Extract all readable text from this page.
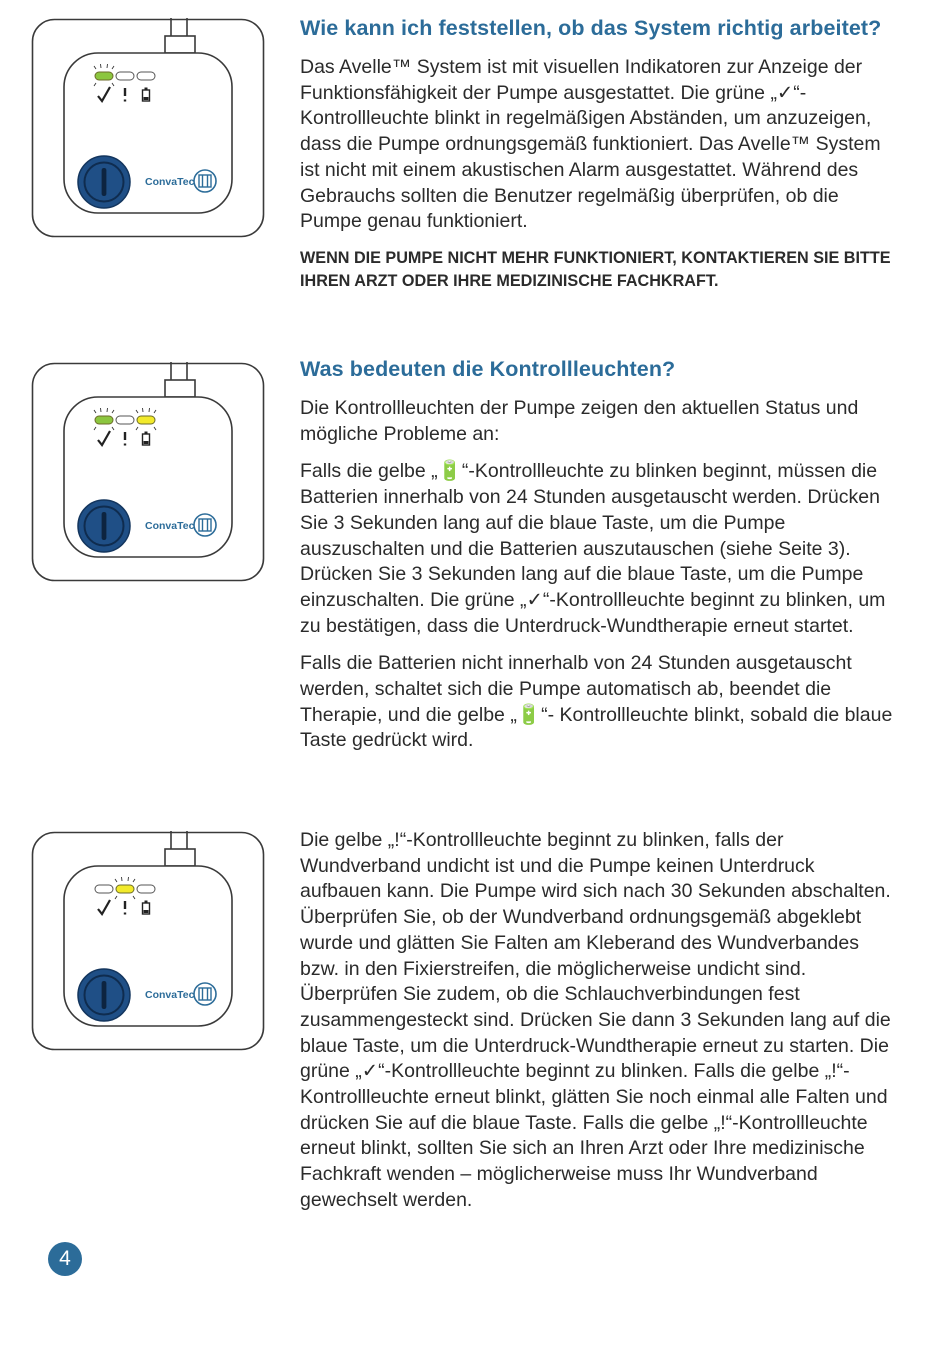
ConvaTec
ConvaTec
ConvaTec
Wie kann ich feststellen, ob das System richtig arbeitet?

Das Avelle™ System ist mit visuellen Indikatoren zur Anzeige der Funktionsfähigkeit der Pumpe ausgestattet. Die grüne „✓“-Kontrollleuchte blinkt in regelmäßigen Abständen, um anzuzeigen, dass die Pumpe ordnungsgemäß funktioniert. Das Avelle™ System ist nicht mit einem akustischen Alarm ausgestattet. Während des Gebrauchs sollten die Benutzer regelmäßig überprüfen, ob die Pumpe genau funktioniert.

WENN DIE PUMPE NICHT MEHR FUNKTIONIERT, KONTAKTIEREN SIE BITTE IHREN ARZT ODER IHRE MEDIZINISCHE FACHKRAFT.

Was bedeuten die Kontrollleuchten?

Die Kontrollleuchten der Pumpe zeigen den aktuellen Status und mögliche Probleme an:

Falls die gelbe „🔋“-Kontrollleuchte zu blinken beginnt, müssen die Batterien innerhalb von 24 Stunden ausgetauscht werden. Drücken Sie 3 Sekunden lang auf die blaue Taste, um die Pumpe auszuschalten und die Batterien auszutauschen (siehe Seite 3). Drücken Sie 3 Sekunden lang auf die blaue Taste, um die Pumpe einzuschalten. Die grüne „✓“-Kontrollleuchte beginnt zu blinken, um zu bestätigen, dass die Unterdruck-Wundtherapie erneut startet.

Falls die Batterien nicht innerhalb von 24 Stunden ausgetauscht werden, schaltet sich die Pumpe automatisch ab, beendet die Therapie, und die gelbe „🔋“- Kontrollleuchte blinkt, sobald die blaue Taste gedrückt wird.

Die gelbe „!“-Kontrollleuchte beginnt zu blinken, falls der Wundverband undicht ist und die Pumpe keinen Unterdruck aufbauen kann. Die Pumpe wird sich nach 30 Sekunden abschalten. Überprüfen Sie, ob der Wundverband ordnungsgemäß abgeklebt wurde und glätten Sie Falten am Kleberand des Wundverbandes bzw. in den Fixierstreifen, die möglicherweise undicht sind. Überprüfen Sie zudem, ob die Schlauchverbindungen fest zusammengesteckt sind. Drücken Sie dann 3 Sekunden lang auf die blaue Taste, um die Unterdruck-Wundtherapie erneut zu starten. Die grüne „✓“-Kontrollleuchte beginnt zu blinken. Falls die gelbe „!“-Kontrollleuchte erneut blinkt, glätten Sie noch einmal alle Falten und drücken Sie auf die blaue Taste. Falls die gelbe „!“-Kontrollleuchte erneut blinkt, sollten Sie sich an Ihren Arzt oder Ihre medizinische Fachkraft wenden – möglicherweise muss Ihr Wundverband gewechselt werden.

4
